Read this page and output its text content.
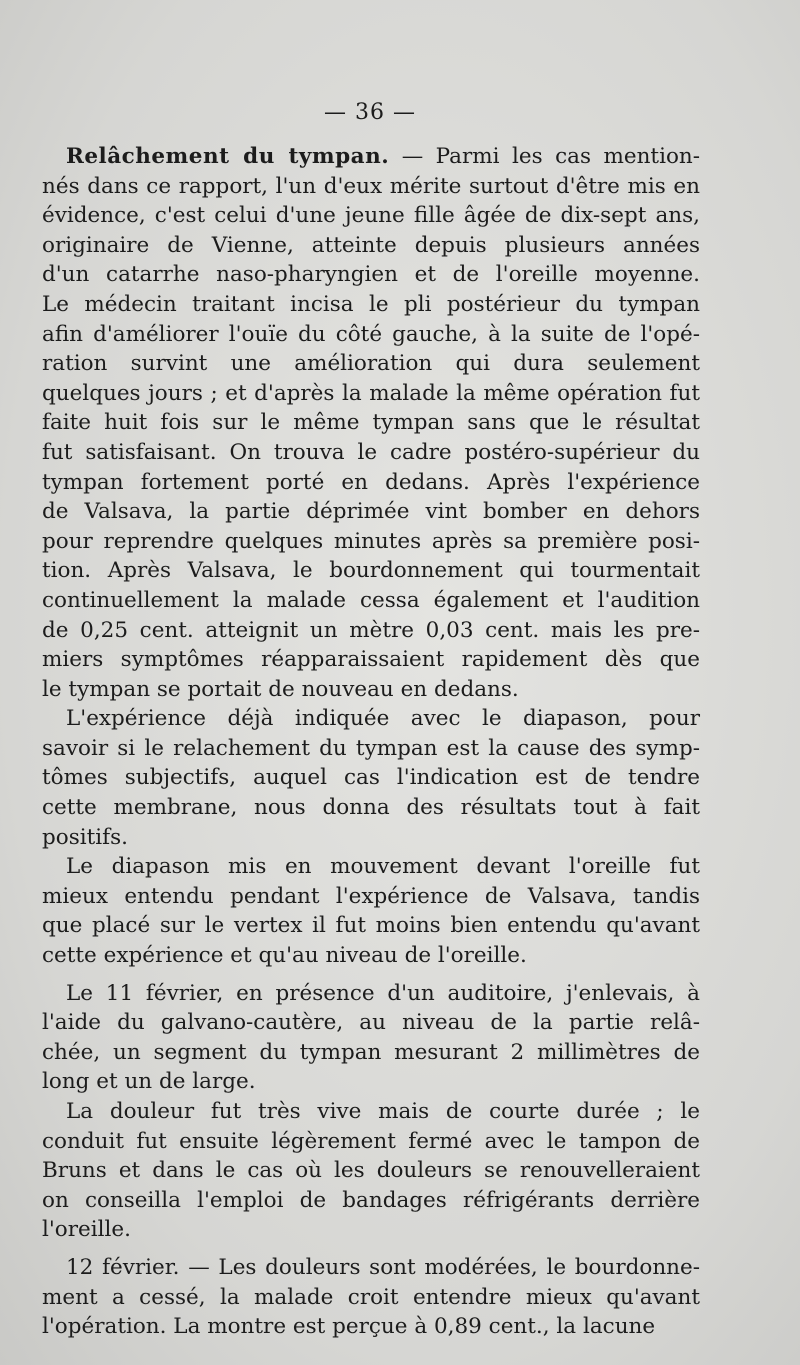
— 36 —
Relâchement du tympan. — Parmi les cas mention-
nés dans ce rapport, l'un d'eux mérite surtout d'être mis en
évidence, c'est celui d'une jeune fille âgée de dix-sept ans,
originaire de Vienne, atteinte depuis plusieurs années
d'un catarrhe naso-pharyngien et de l'oreille moyenne.
Le médecin traitant incisa le pli postérieur du tympan
afin d'améliorer l'ouïe du côté gauche, à la suite de l'opé-
ration survint une amélioration qui dura seulement
quelques jours ; et d'après la malade la même opération fut
faite huit fois sur le même tympan sans que le résultat
fut satisfaisant. On trouva le cadre postéro-supérieur du
tympan fortement porté en dedans. Après l'expérience
de Valsava, la partie déprimée vint bomber en dehors
pour reprendre quelques minutes après sa première posi-
tion. Après Valsava, le bourdonnement qui tourmentait
continuellement la malade cessa également et l'audition
de 0,25 cent. atteignit un mètre 0,03 cent. mais les pre-
miers symptômes réapparaissaient rapidement dès que
le tympan se portait de nouveau en dedans.
L'expérience déjà indiquée avec le diapason, pour
savoir si le relachement du tympan est la cause des symp-
tômes subjectifs, auquel cas l'indication est de tendre
cette membrane, nous donna des résultats tout à fait
positifs.
Le diapason mis en mouvement devant l'oreille fut
mieux entendu pendant l'expérience de Valsava, tandis
que placé sur le vertex il fut moins bien entendu qu'avant
cette expérience et qu'au niveau de l'oreille.
Le 11 février, en présence d'un auditoire, j'enlevais, à
l'aide du galvano-cautère, au niveau de la partie relâ-
chée, un segment du tympan mesurant 2 millimètres de
long et un de large.
La douleur fut très vive mais de courte durée ; le
conduit fut ensuite légèrement fermé avec le tampon de
Bruns et dans le cas où les douleurs se renouvelleraient
on conseilla l'emploi de bandages réfrigérants derrière
l'oreille.
12 février. — Les douleurs sont modérées, le bourdonne-
ment a cessé, la malade croit entendre mieux qu'avant
l'opération. La montre est perçue à 0,89 cent., la lacune
